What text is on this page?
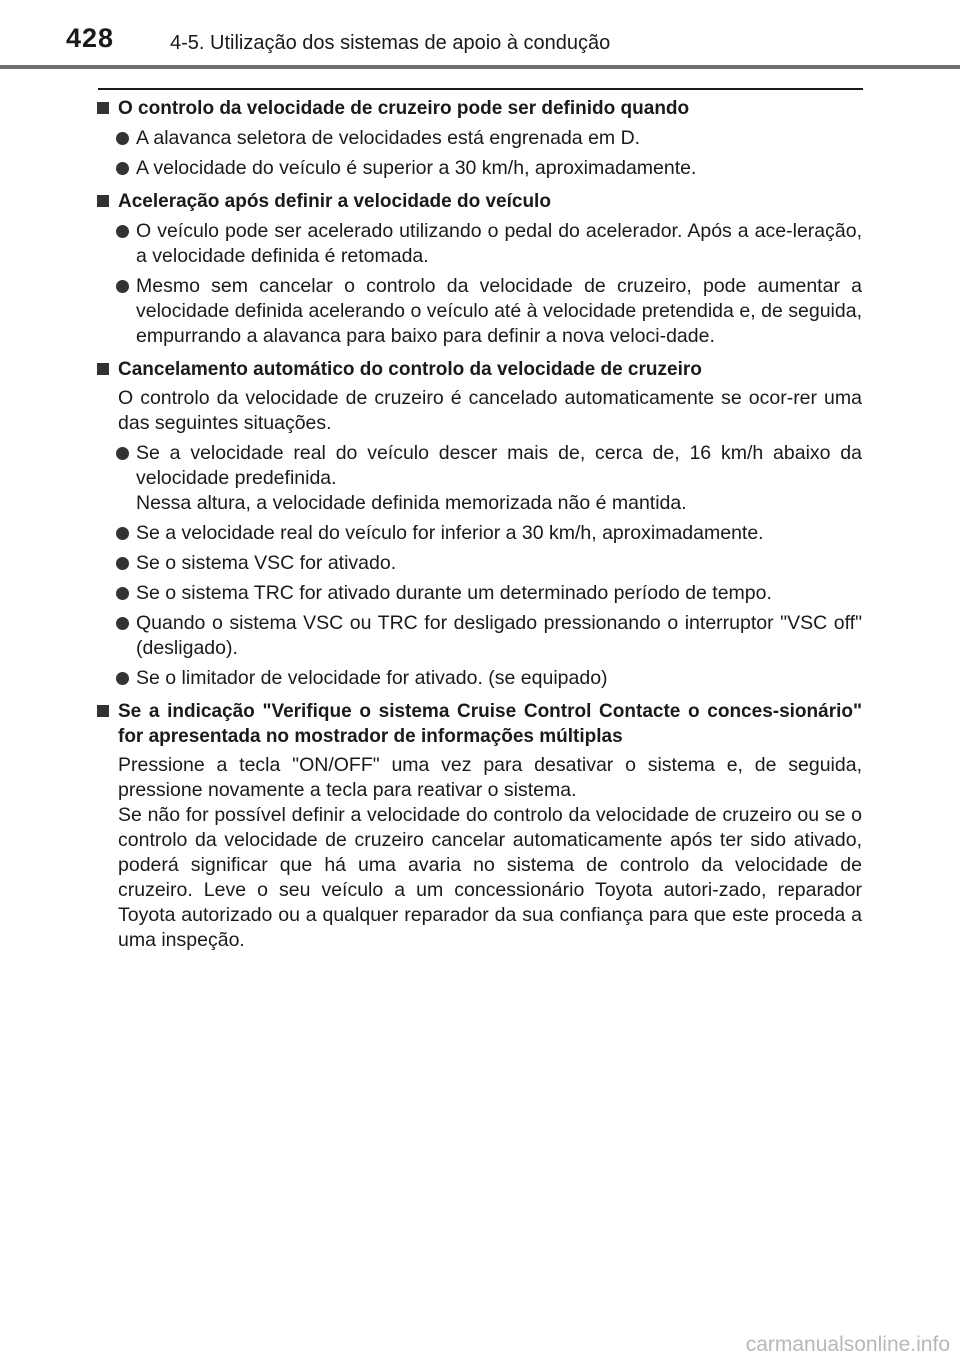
428	4-5. Utilização dos sistemas de apoio à condução
O controlo da velocidade de cruzeiro pode ser definido quando
A alavanca seletora de velocidades está engrenada em D.
A velocidade do veículo é superior a 30 km/h, aproximadamente.
Aceleração após definir a velocidade do veículo
O veículo pode ser acelerado utilizando o pedal do acelerador. Após a ace-leração, a velocidade definida é retomada.
Mesmo sem cancelar o controlo da velocidade de cruzeiro, pode aumentar a velocidade definida acelerando o veículo até à velocidade pretendida e, de seguida, empurrando a alavanca para baixo para definir a nova veloci-dade.
Cancelamento automático do controlo da velocidade de cruzeiro
O controlo da velocidade de cruzeiro é cancelado automaticamente se ocor-rer uma das seguintes situações.
Se a velocidade real do veículo descer mais de, cerca de, 16 km/h abaixo da velocidade predefinida.
Nessa altura, a velocidade definida memorizada não é mantida.
Se a velocidade real do veículo for inferior a 30 km/h, aproximadamente.
Se o sistema VSC for ativado.
Se o sistema TRC for ativado durante um determinado período de tempo.
Quando o sistema VSC ou TRC for desligado pressionando o interruptor "VSC off" (desligado).
Se o limitador de velocidade for ativado. (se equipado)
Se a indicação "Verifique o sistema Cruise Control Contacte o conces-sionário" for apresentada no mostrador de informações múltiplas
Pressione a tecla "ON/OFF" uma vez para desativar o sistema e, de seguida, pressione novamente a tecla para reativar o sistema.
Se não for possível definir a velocidade do controlo da velocidade de cruzeiro ou se o controlo da velocidade de cruzeiro cancelar automaticamente após ter sido ativado, poderá significar que há uma avaria no sistema de controlo da velocidade de cruzeiro. Leve o seu veículo a um concessionário Toyota autori-zado, reparador Toyota autorizado ou a qualquer reparador da sua confiança para que este proceda a uma inspeção.
carmanualsonline.info
